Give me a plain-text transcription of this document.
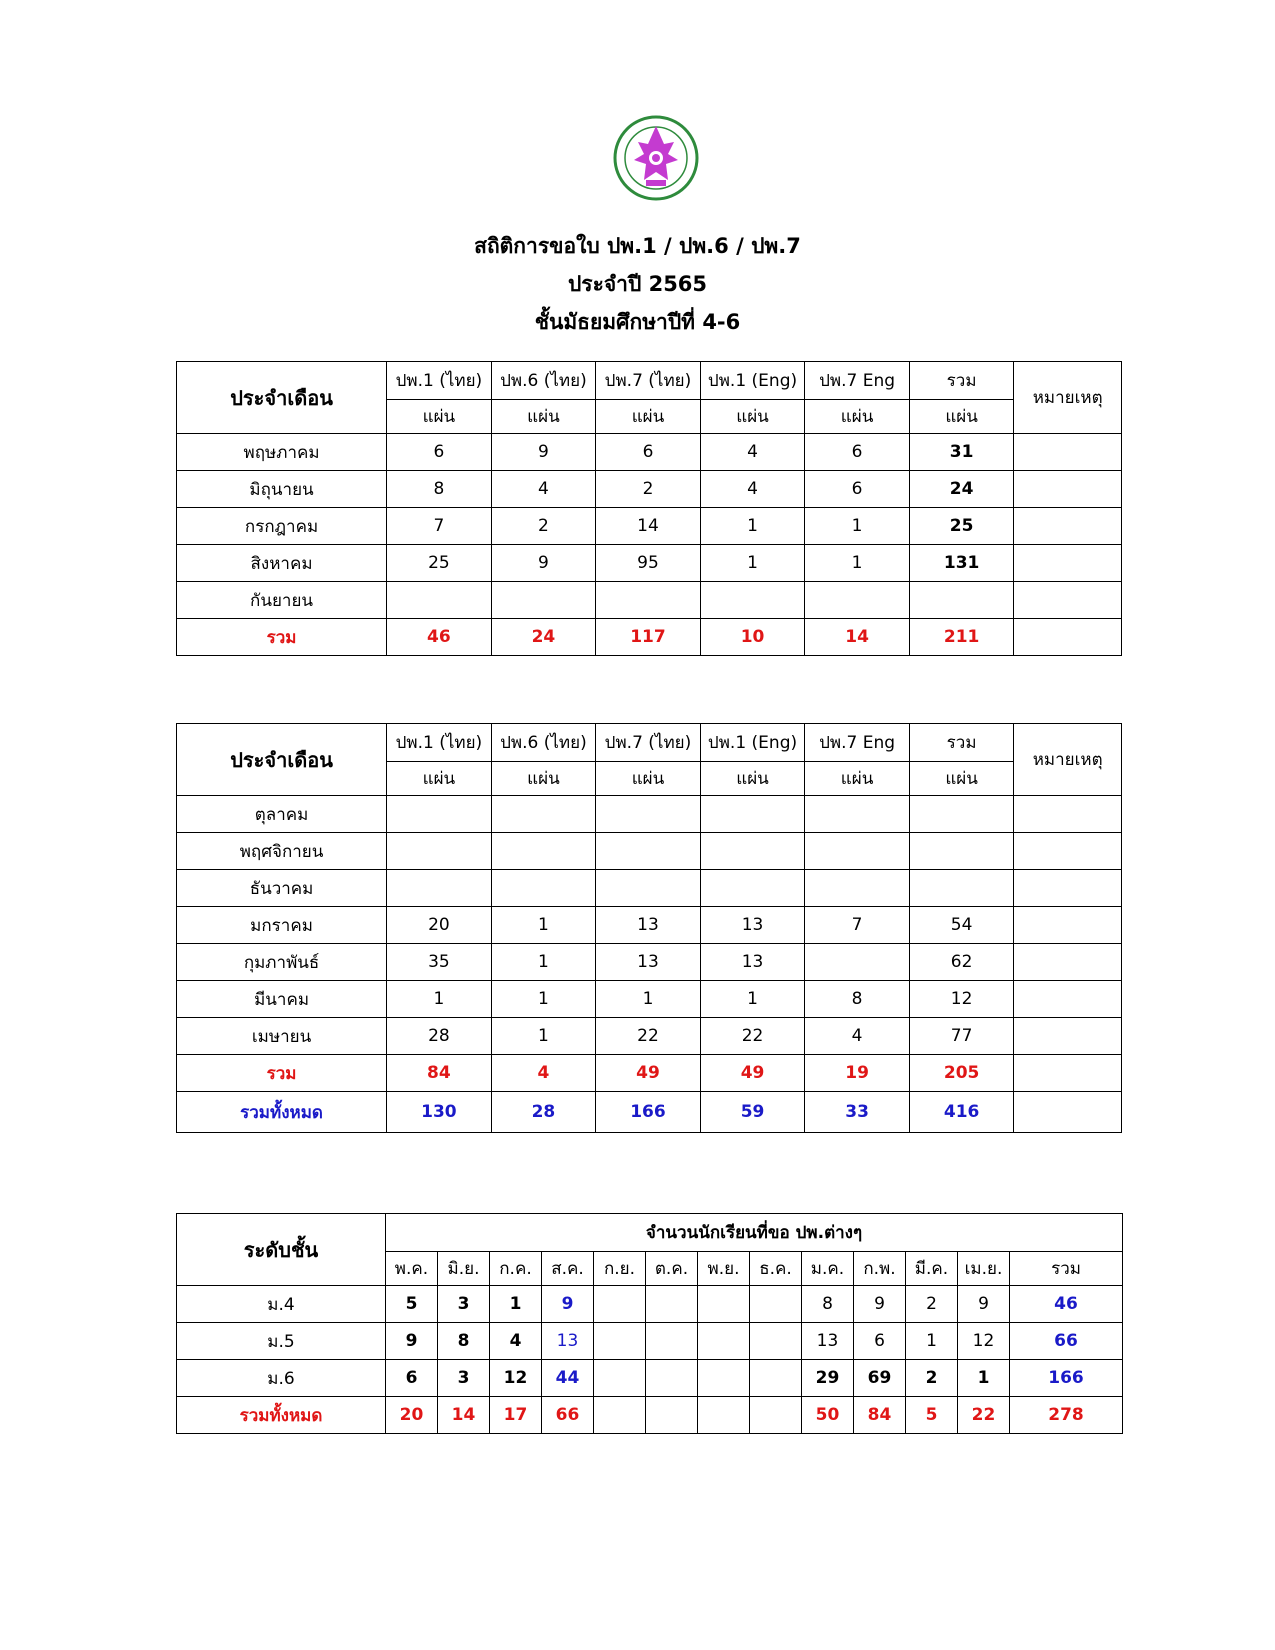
สถิติการขอใบ ปพ.1 / ปพ.6 / ปพ.7
ประจำปี 2565
ชั้นมัธยมศึกษาปีที่ 4-6
ประจำเดือน	ปพ.1 (ไทย)	ปพ.6 (ไทย)	ปพ.7 (ไทย)	ปพ.1 (Eng)	ปพ.7 Eng	รวม	หมายเหตุ
	แผ่น	แผ่น	แผ่น	แผ่น	แผ่น	แผ่น	
พฤษภาคม	6	9	6	4	6	31	
มิถุนายน	8	4	2	4	6	24	
กรกฎาคม	7	2	14	1	1	25	
สิงหาคม	25	9	95	1	1	131	
กันยายน							
รวม	46	24	117	10	14	211	
ประจำเดือน	ปพ.1 (ไทย)	ปพ.6 (ไทย)	ปพ.7 (ไทย)	ปพ.1 (Eng)	ปพ.7 Eng	รวม	หมายเหตุ
	แผ่น	แผ่น	แผ่น	แผ่น	แผ่น	แผ่น	
ตุลาคม							
พฤศจิกายน							
ธันวาคม							
มกราคม	20	1	13	13	7	54	
กุมภาพันธ์	35	1	13	13		62	
มีนาคม	1	1	1	1	8	12	
เมษายน	28	1	22	22	4	77	
รวม	84	4	49	49	19	205	
รวมทั้งหมด	130	28	166	59	33	416	
ระดับชั้น	จำนวนนักเรียนที่ขอ ปพ.ต่างๆ												
	พ.ค.	มิ.ย.	ก.ค.	ส.ค.	ก.ย.	ต.ค.	พ.ย.	ธ.ค.	ม.ค.	ก.พ.	มี.ค.	เม.ย.	รวม
ม.4	5	3	1	9					8	9	2	9	46
ม.5	9	8	4	13					13	6	1	12	66
ม.6	6	3	12	44					29	69	2	1	166
รวมทั้งหมด	20	14	17	66					50	84	5	22	278
